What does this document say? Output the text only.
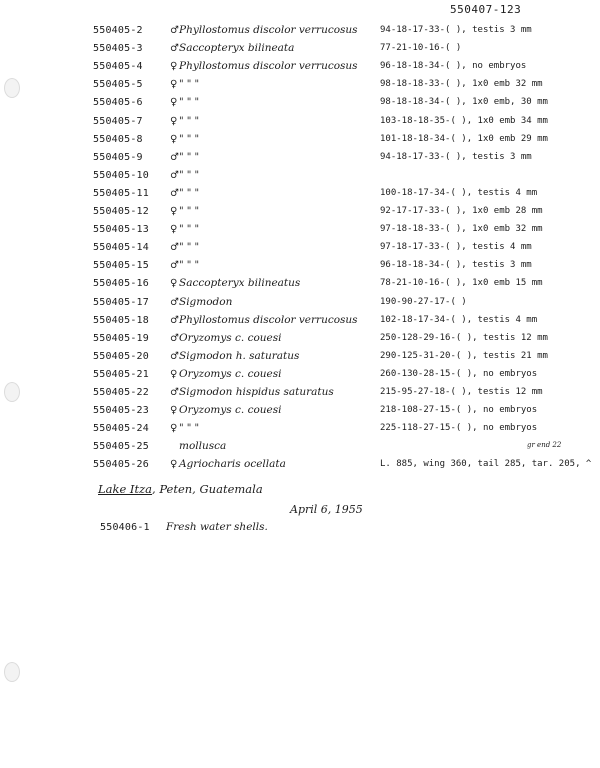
550407-123
550405-2	♂ Phyllostomus discolor verrucosus 94-18-17-33-( ), testis 3 mm
550405-3	♂ Saccopteryx bilineata	77-21-10-16-( )
550405-4	♀ Phyllostomus discolor verrucosus 96-18-18-34-( ), no embryos
550405-5	♀ " " "	98-18-18-33-( ), 1x0 emb 32 mm
550405-6	♀ " " "	98-18-18-34-( ), 1x0 emb, 30 mm
550405-7	♀ " " "	103-18-18-35-( ), 1x0 emb 34 mm
550405-8	♀ " " "	101-18-18-34-( ), 1x0 emb 29 mm
550405-9	♂ " " "	94-18-17-33-( ), testis 3 mm
550405-10 ♂ " " "
550405-11 ♂ " " "	100-18-17-34-( ), testis 4 mm
550405-12 ♀ " " "	92-17-17-33-( ), 1x0 emb 28 mm
550405-13 ♀ " " "	97-18-18-33-( ), 1x0 emb 32 mm
550405-14 ♂ " " "	97-18-17-33-( ), testis 4 mm
550405-15 ♂ " " "	96-18-18-34-( ), testis 3 mm
550405-16 ♀ Saccopteryx bilineatus	78-21-10-16-( ), 1x0 emb 15 mm
550405-17 ♂ Sigmodon	190-90-27-17-( )
550405-18 ♂ Phyllostomus discolor verrucosus 102-18-17-34-( ), testis 4 mm
550405-19 ♂ Oryzomys c. couesi	250-128-29-16-( ), testis 12 mm
550405-20 ♂ Sigmodon h. saturatus	290-125-31-20-( ), testis 21 mm
550405-21 ♀ Oryzomys c. couesi	260-130-28-15-( ), no embryos
550405-22 ♂ Sigmodon hispidus saturatus	215-95-27-18-( ), testis 12 mm
550405-23 ♀ Oryzomys c. couesi	218-108-27-15-( ), no embryos
550405-24 ♀ " " "	225-118-27-15-( ), no embryos
550405-25	mollusca
550405-26 ♀ Agriocharis ocellata	L. 885, wing 360, tail 285, tar. 205, ^
gr end 22
Lake Itza, Peten, Guatemala
April 6, 1955
550406-1 Fresh water shells.
